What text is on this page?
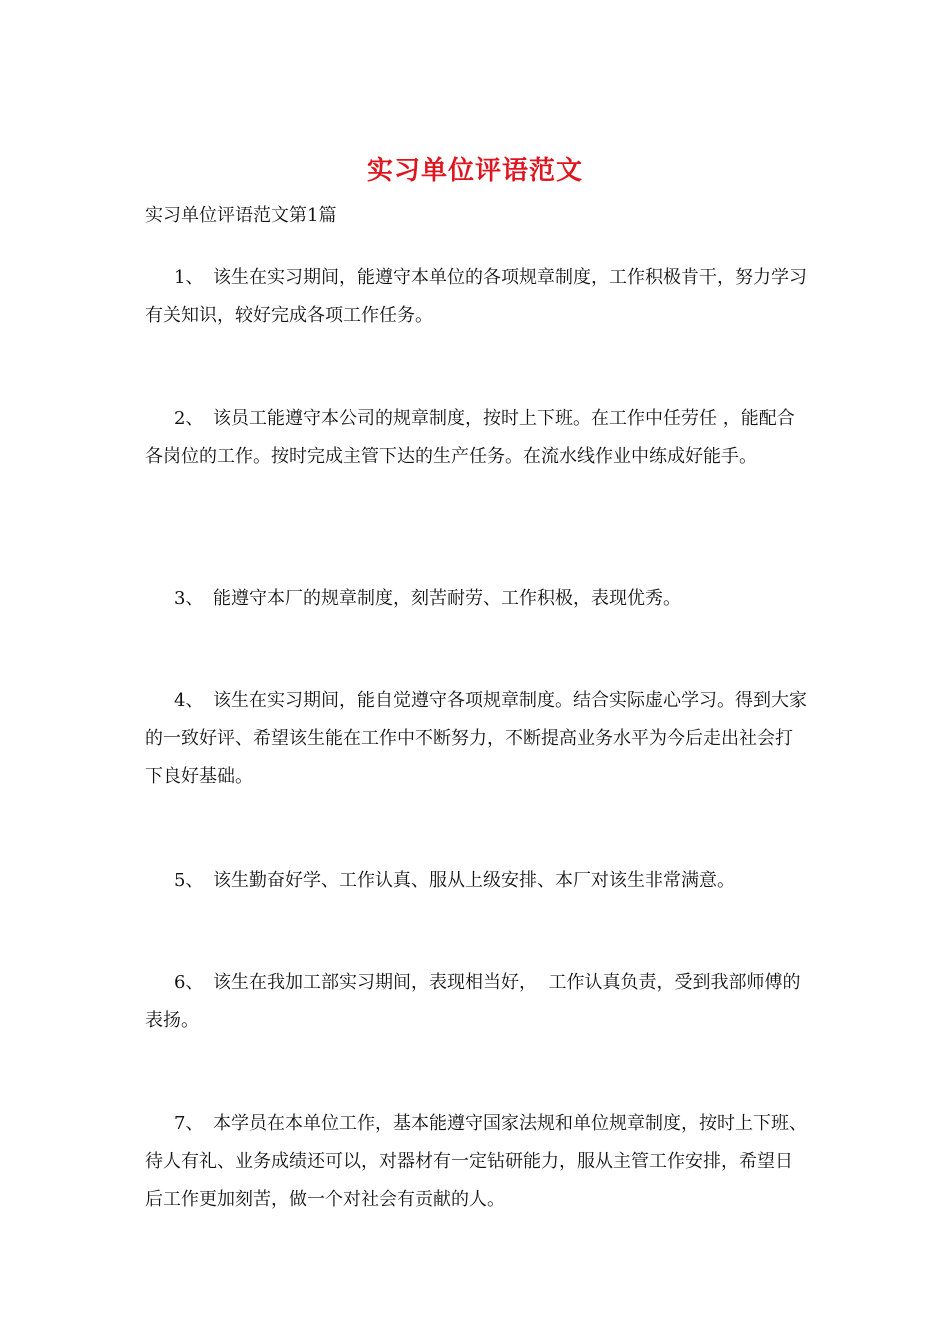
实习单位评语范文
实习单位评语范文第1篇
1、 该生在实习期间，能遵守本单位的各项规章制度，工作积极肯干，努力学习有关知识，较好完成各项工作任务。
2、 该员工能遵守本公司的规章制度，按时上下班。在工作中任劳任 ，能配合各岗位的工作。按时完成主管下达的生产任务。在流水线作业中练成好能手。
3、 能遵守本厂的规章制度，刻苦耐劳、工作积极，表现优秀。
4、 该生在实习期间，能自觉遵守各项规章制度。结合实际虚心学习。得到大家的一致好评、希望该生能在工作中不断努力，不断提高业务水平为今后走出社会打下良好基础。
5、 该生勤奋好学、工作认真、服从上级安排、本厂对该生非常满意。
6、 该生在我加工部实习期间，表现相当好，  工作认真负责，受到我部师傅的表扬。
7、 本学员在本单位工作，基本能遵守国家法规和单位规章制度，按时上下班、待人有礼、业务成绩还可以，对器材有一定钻研能力，服从主管工作安排，希望日后工作更加刻苦，做一个对社会有贡献的人。
